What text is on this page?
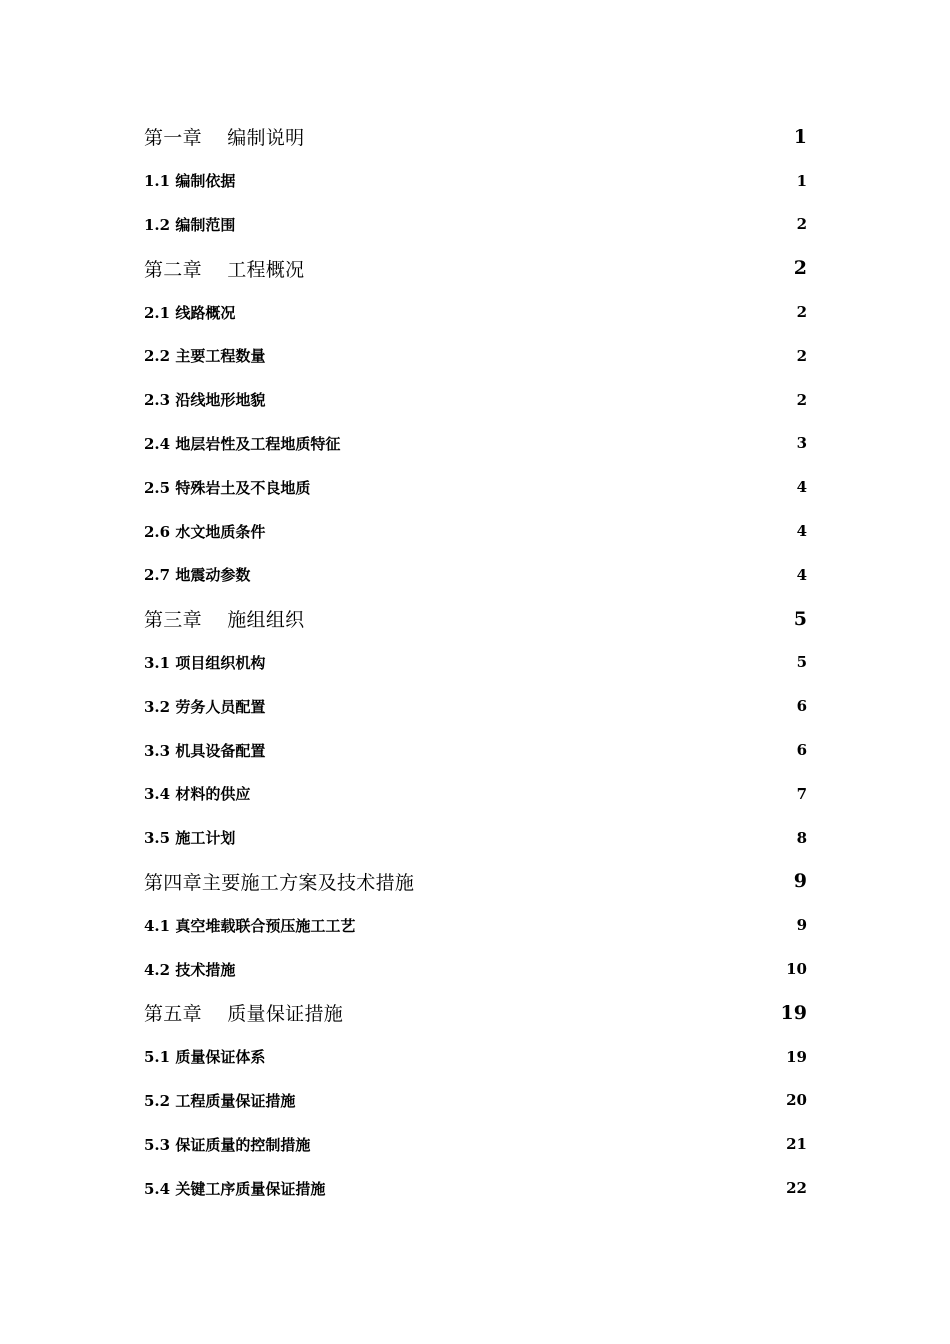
第一章    编制说明	1
1.1 编制依据	1
1.2 编制范围	2
第二章    工程概况	2
2.1 线路概况	2
2.2 主要工程数量	2
2.3 沿线地形地貌	2
2.4 地层岩性及工程地质特征	3
2.5 特殊岩土及不良地质	4
2.6 水文地质条件	4
2.7 地震动参数	4
第三章    施组组织	5
3.1 项目组织机构	5
3.2 劳务人员配置	6
3.3 机具设备配置	6
3.4 材料的供应	7
3.5 施工计划	8
第四章主要施工方案及技术措施	9
4.1 真空堆载联合预压施工工艺	9
4.2 技术措施	10
第五章    质量保证措施	19
5.1 质量保证体系	19
5.2 工程质量保证措施	20
5.3 保证质量的控制措施	21
5.4 关键工序质量保证措施	22
